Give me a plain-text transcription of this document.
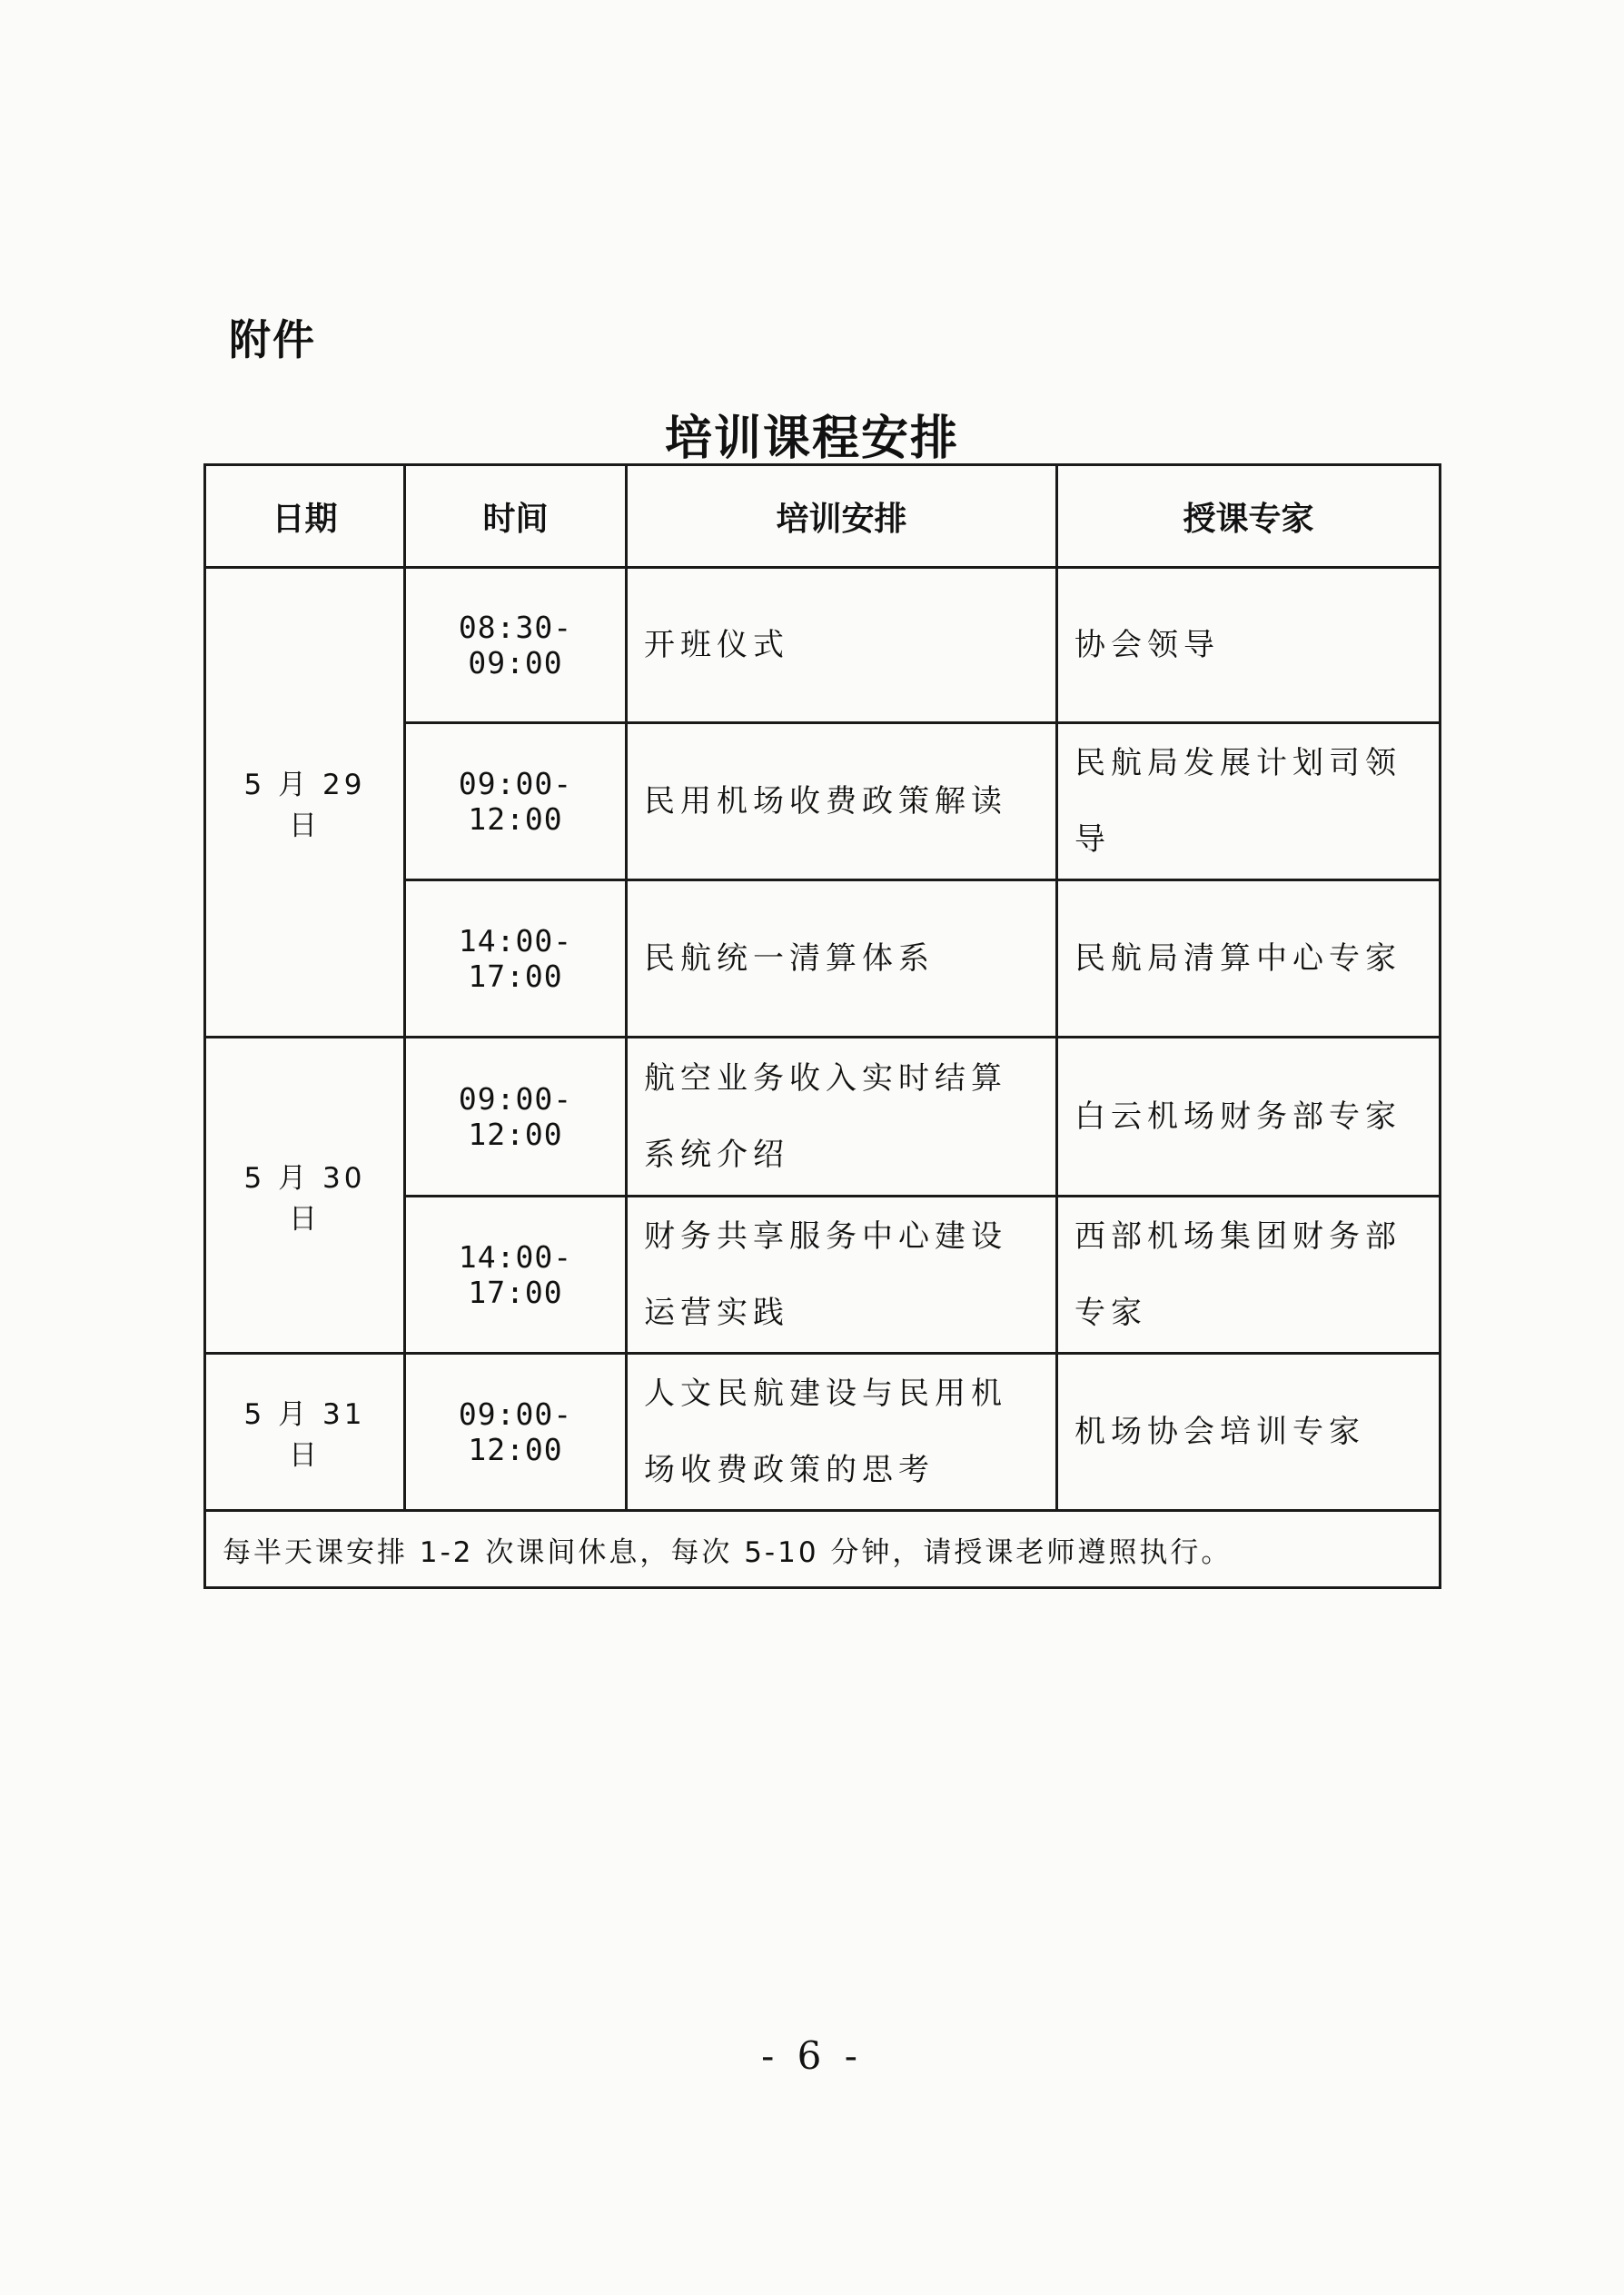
附件
培训课程安排
日期	时间	培训安排	授课专家
5 月 29 日	08:30-09:00	开班仪式	协会领导
	09:00-12:00	民用机场收费政策解读	民航局发展计划司领导
	14:00-17:00	民航统一清算体系	民航局清算中心专家
5 月 30 日	09:00-12:00	航空业务收入实时结算系统介绍	白云机场财务部专家
	14:00-17:00	财务共享服务中心建设运营实践	西部机场集团财务部专家
5 月 31 日	09:00-12:00	人文民航建设与民用机场收费政策的思考	机场协会培训专家
每半天课安排 1-2 次课间休息，每次 5-10 分钟，请授课老师遵照执行。			
- 6 -
